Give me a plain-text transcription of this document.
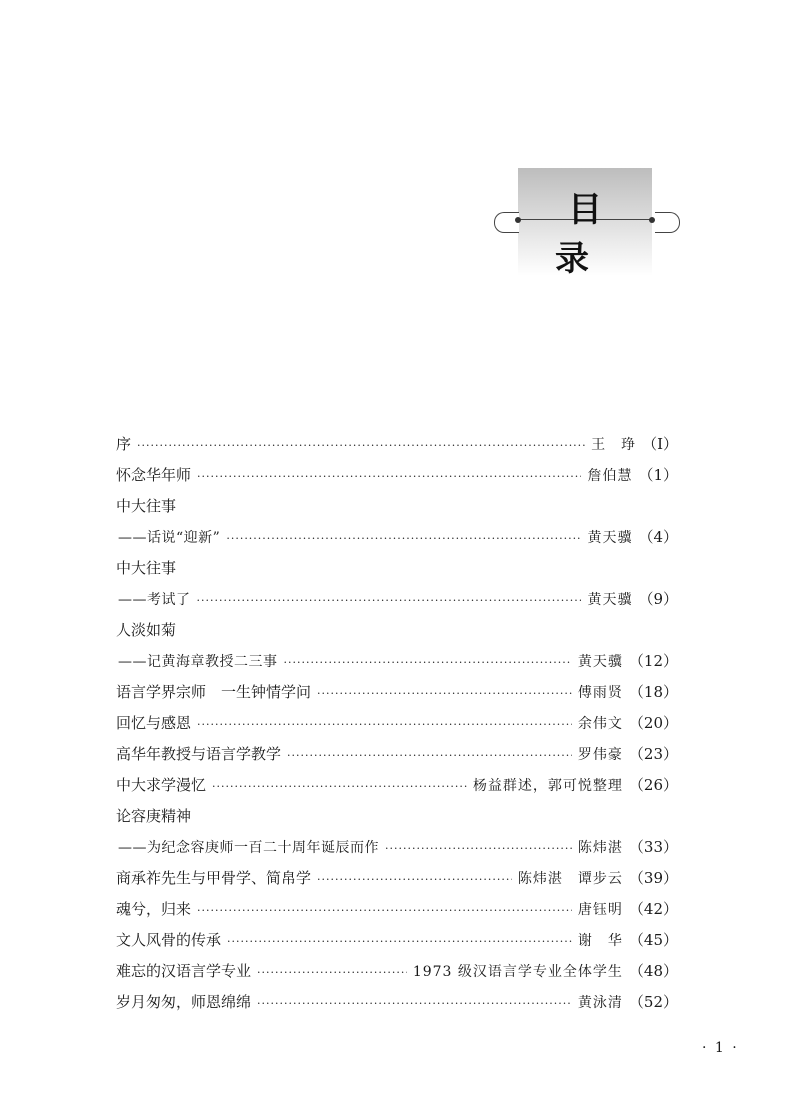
目 录
序 ·····	王　琤 （Ⅰ）
怀念华年师 ·····	詹伯慧 （1）
中大往事
——话说“迎新” ·····	黄天骥 （4）
中大往事
——考试了 ·····	黄天骥 （9）
人淡如菊
——记黄海章教授二三事 ·····	黄天骥 （12）
语言学界宗师　一生钟情学问 ·····	傅雨贤 （18）
回忆与感恩 ·····	余伟文 （20）
高华年教授与语言学教学 ·····	罗伟豪 （23）
中大求学漫忆 ·····	杨益群述，郭可悦整理 （26）
论容庚精神
——为纪念容庚师一百二十周年诞辰而作 ·····	陈炜湛 （33）
商承祚先生与甲骨学、简帛学 ·····	陈炜湛　谭步云 （39）
魂兮，归来 ·····	唐钰明 （42）
文人风骨的传承 ·····	谢　华 （45）
难忘的汉语言学专业 ·····	1973 级汉语言学专业全体学生 （48）
岁月匆匆，师恩绵绵 ·····	黄泳清 （52）
· 1 ·
